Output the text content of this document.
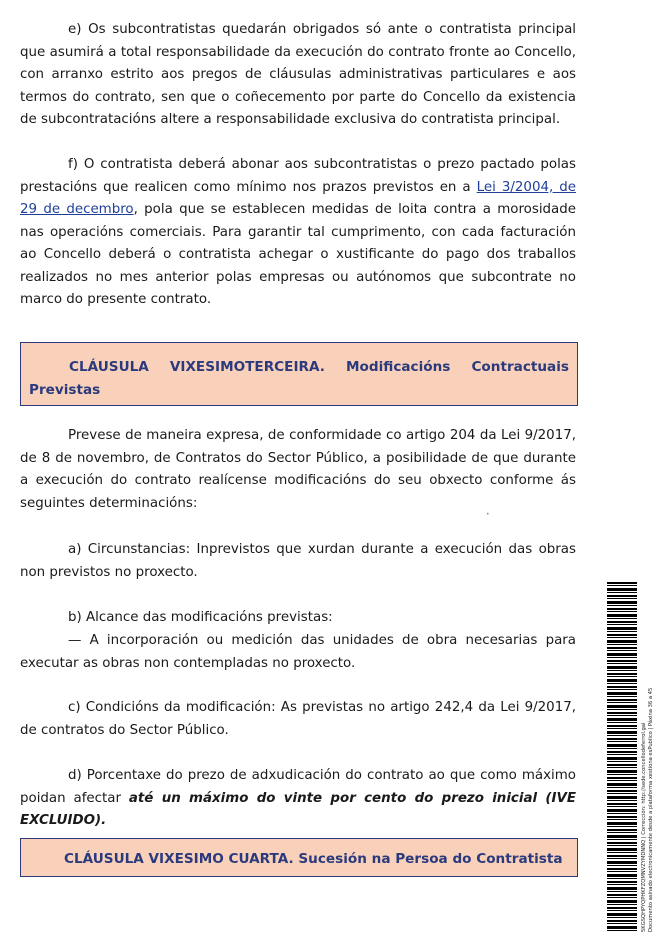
e) Os subcontratistas quedarán obrigados só ante o contratista principal que asumirá a total responsabilidade da execución do contrato fronte ao Concello, con arranxo estrito aos pregos de cláusulas administrativas particulares e aos termos do contrato, sen que o coñecemento por parte do Concello da existencia de subcontratacións altere a responsabilidade exclusiva do contratista principal.

f) O contratista deberá abonar aos subcontratistas o prezo pactado polas prestacións que realicen como mínimo nos prazos previstos en a Lei 3/2004, de 29 de decembro, pola que se establecen medidas de loita contra a morosidade nas operacións comerciais. Para garantir tal cumprimento, con cada facturación ao Concello deberá o contratista achegar o xustificante do pago dos traballos realizados no mes anterior polas empresas ou autónomos que subcontrate no marco do presente contrato.

CLÁUSULA VIXESIMOTERCEIRA. Modificacións Contractuais
Previstas

Prevese de maneira expresa, de conformidade co artigo 204 da Lei 9/2017, de 8 de novembro, de Contratos do Sector Público, a posibilidade de que durante a execución do contrato realícense modificacións do seu obxecto conforme ás seguintes determinacións:

•

a) Circunstancias: Inprevistos que xurdan durante a execución das obras non previstos no proxecto.

b) Alcance das modificacións previstas:

— A incorporación ou medición das unidades de obra necesarias para executar as obras non contempladas no proxecto.

c) Condicións da modificación: As previstas no artigo 242,4 da Lei 9/2017, de contratos do Sector Público.

d) Porcentaxe do prezo de adxudicación do contrato ao que como máximo poidan afectar até un máximo do vinte por cento do prezo inicial (IVE EXCLUIDO).

CLÁUSULA VIXESIMO CUARTA. Sucesión na Persoa do Contratista	5KGSQHPYQPHKFZQMNVZYMDNNQ | Corrección: http://sede.concellodeferrol.gal Documento asinado electronicamente desde a plataforma xestiona esPublico | Páxina 36 a 45
